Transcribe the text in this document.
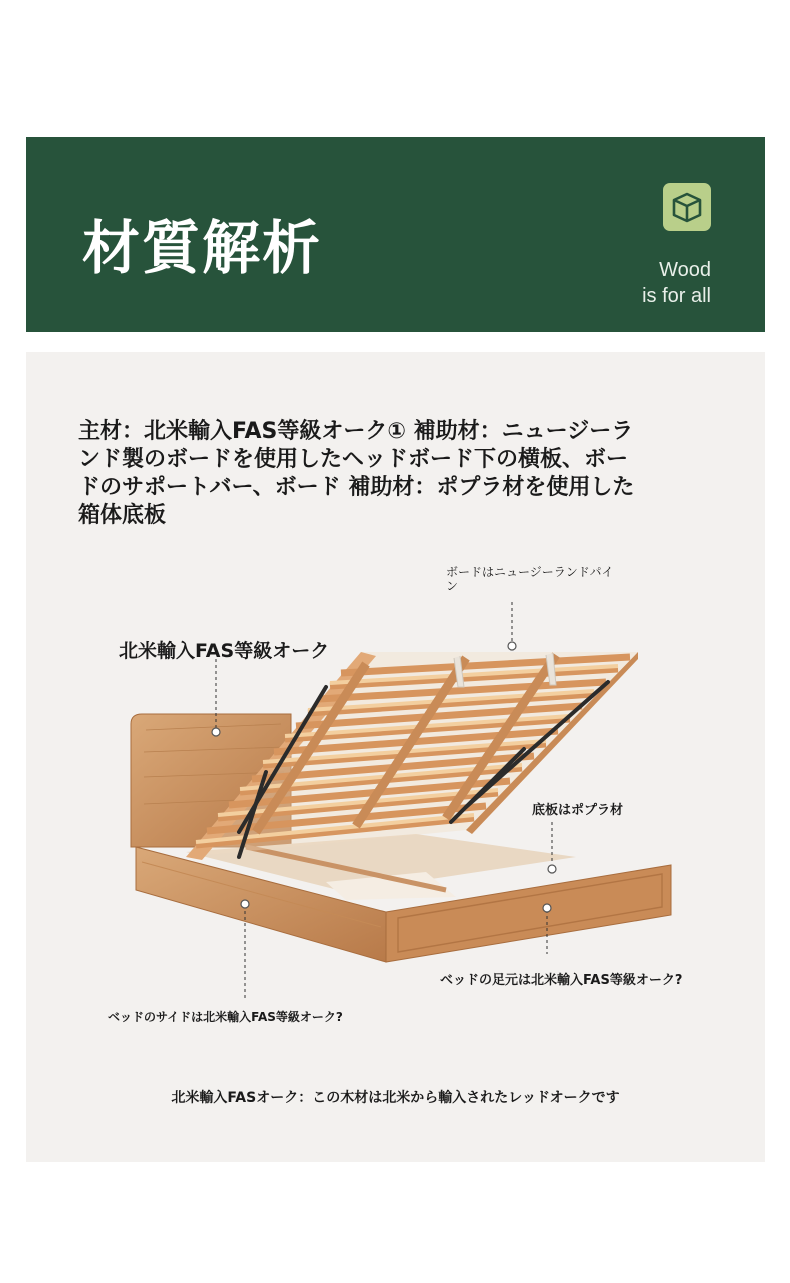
材質解析	Wood
is for all

主材：北米輸入FAS等級オーク① 補助材：ニュージーランド製のボードを使用したヘッドボード下の横板、ボードのサポートバー、ボード 補助材：ポプラ材を使用した箱体底板

ボードはニュージーランドパイン

北米輸入FAS等級オーク

底板はポプラ材

ベッドの足元は北米輸入FAS等級オーク?

ベッドのサイドは北米輸入FAS等級オーク?

北米輸入FASオーク：この木材は北米から輸入されたレッドオークです
